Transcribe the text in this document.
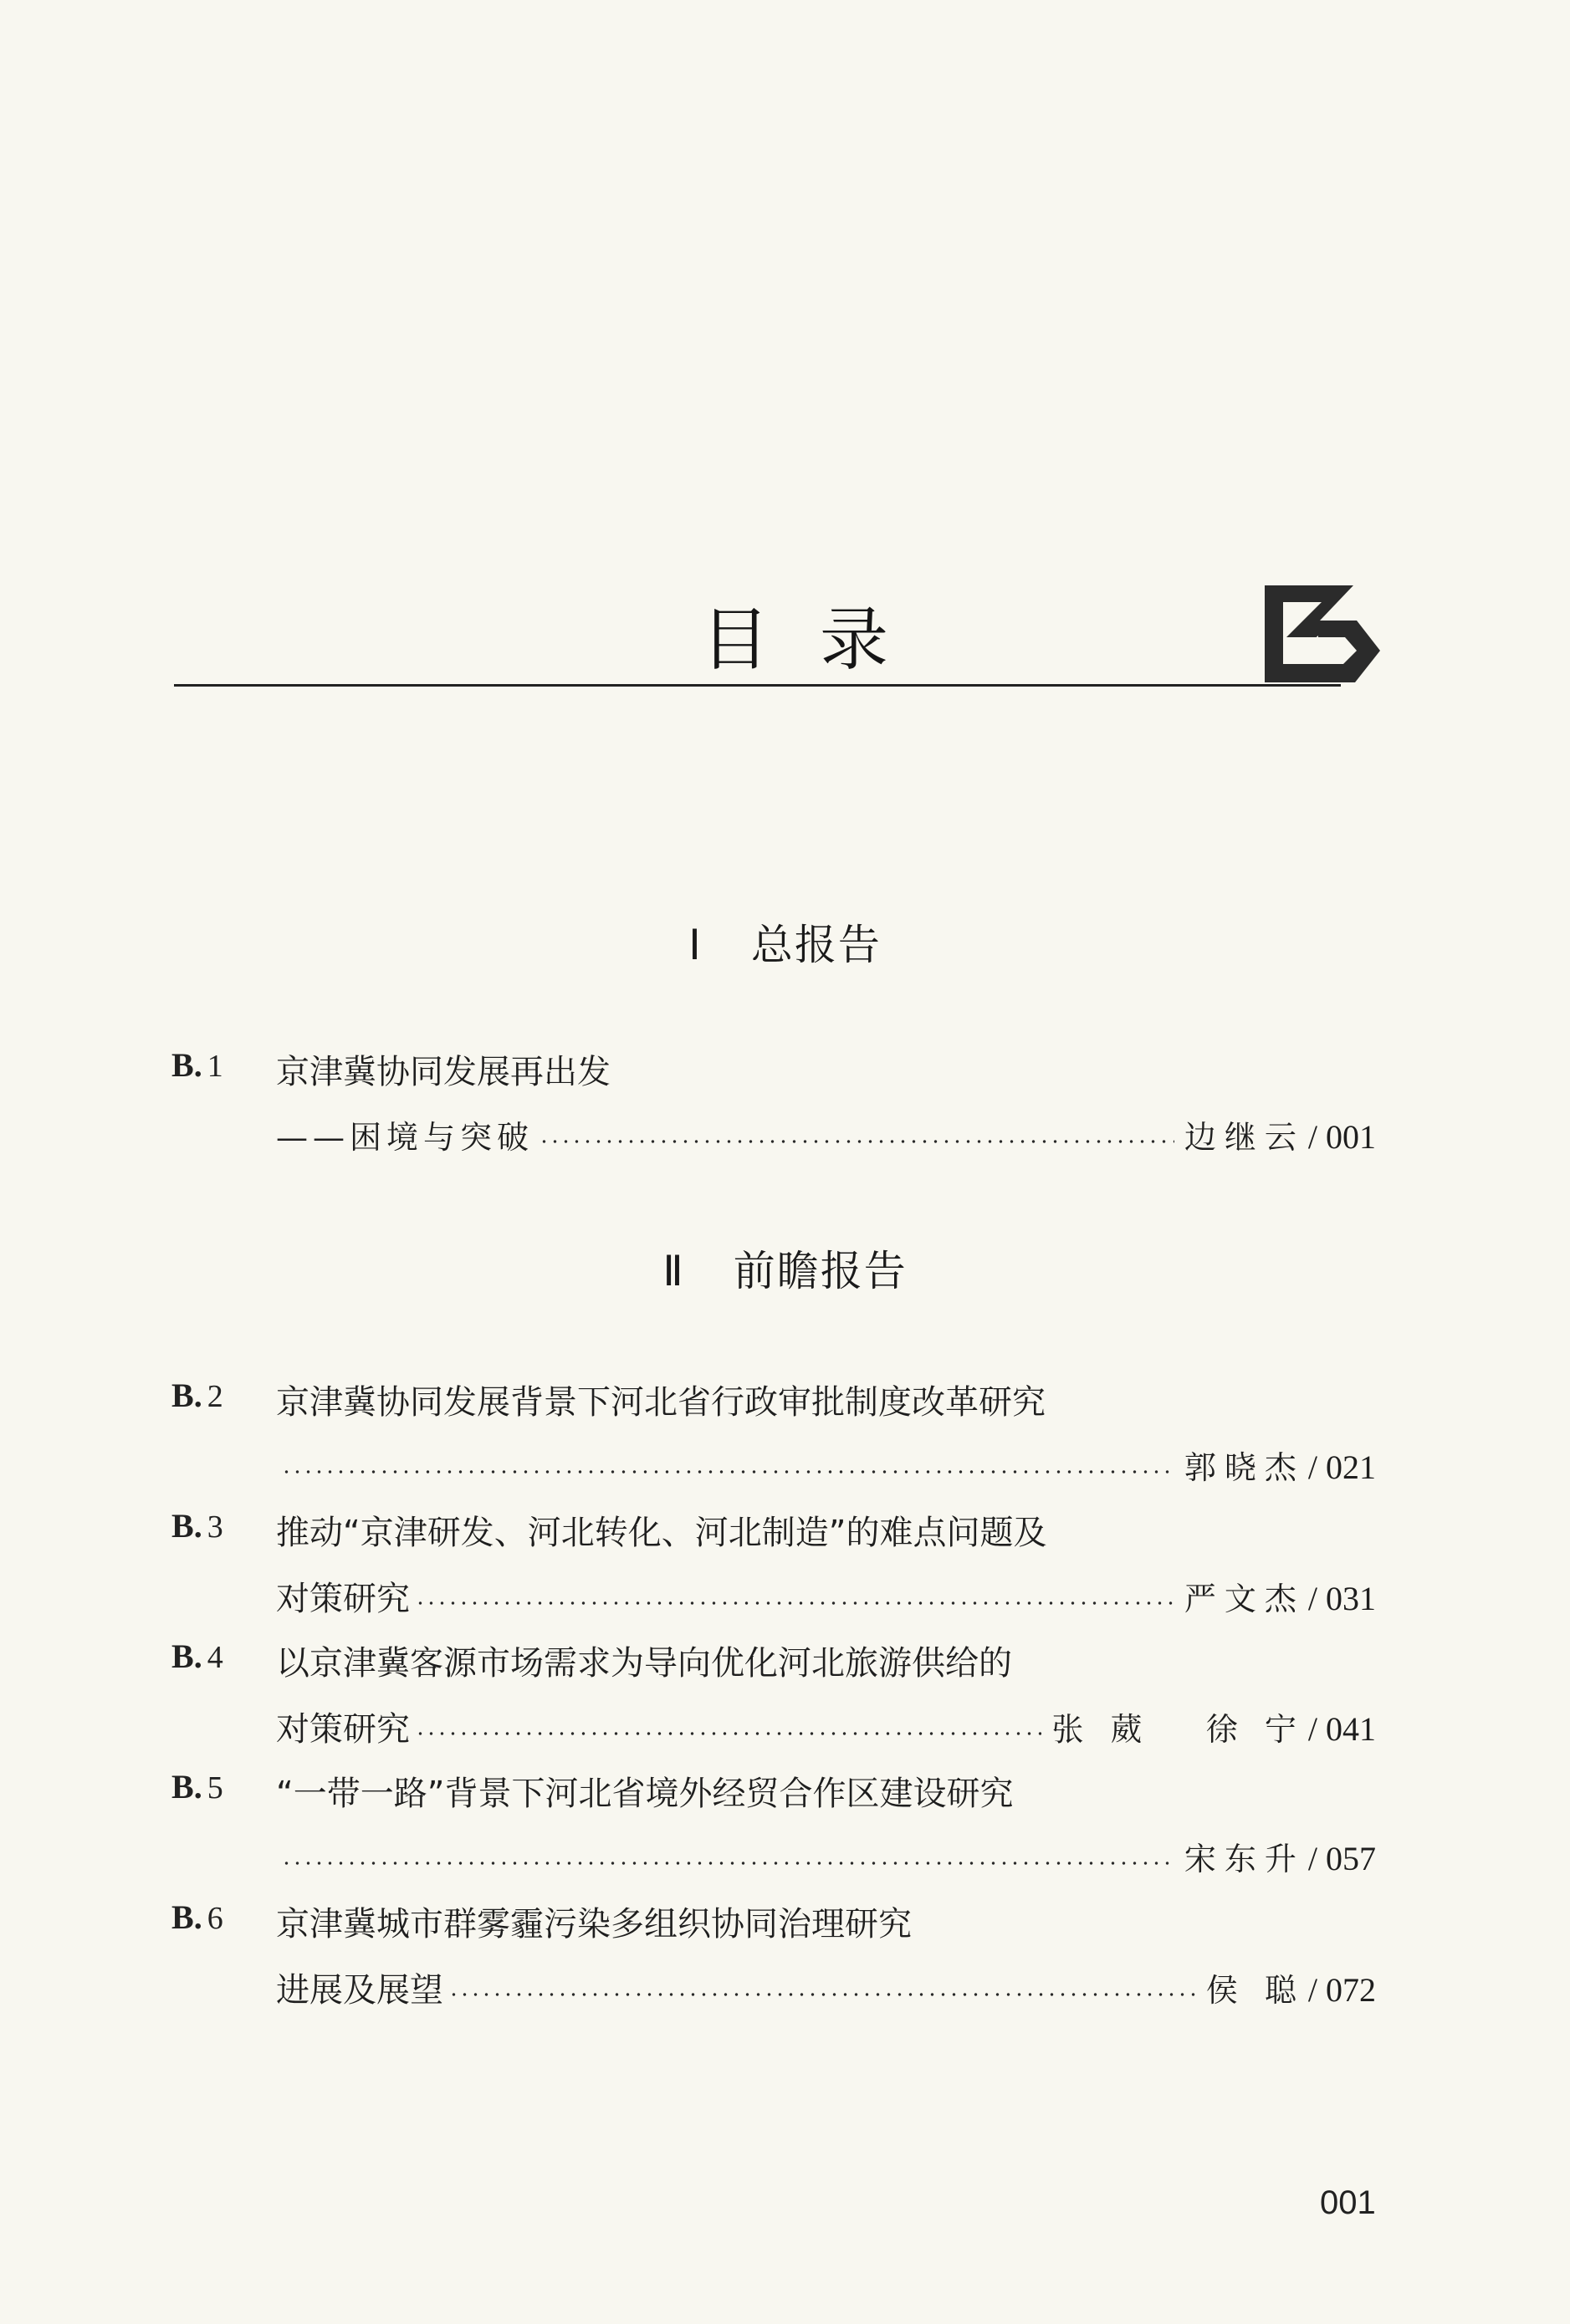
目录
Ⅰ 总报告
B. 1 京津冀协同发展再出发
——困境与突破	边继云 / 001
Ⅱ 前瞻报告
B. 2 京津冀协同发展背景下河北省行政审批制度改革研究
郭晓杰 / 021
B. 3 推动“京津研发、河北转化、河北制造”的难点问题及
对策研究	严文杰 / 031
B. 4 以京津冀客源市场需求为导向优化河北旅游供给的
对策研究	张 葳   徐 宁 / 041
B. 5 “一带一路”背景下河北省境外经贸合作区建设研究
宋东升 / 057
B. 6 京津冀城市群雾霾污染多组织协同治理研究
进展及展望	侯 聪 / 072
001
